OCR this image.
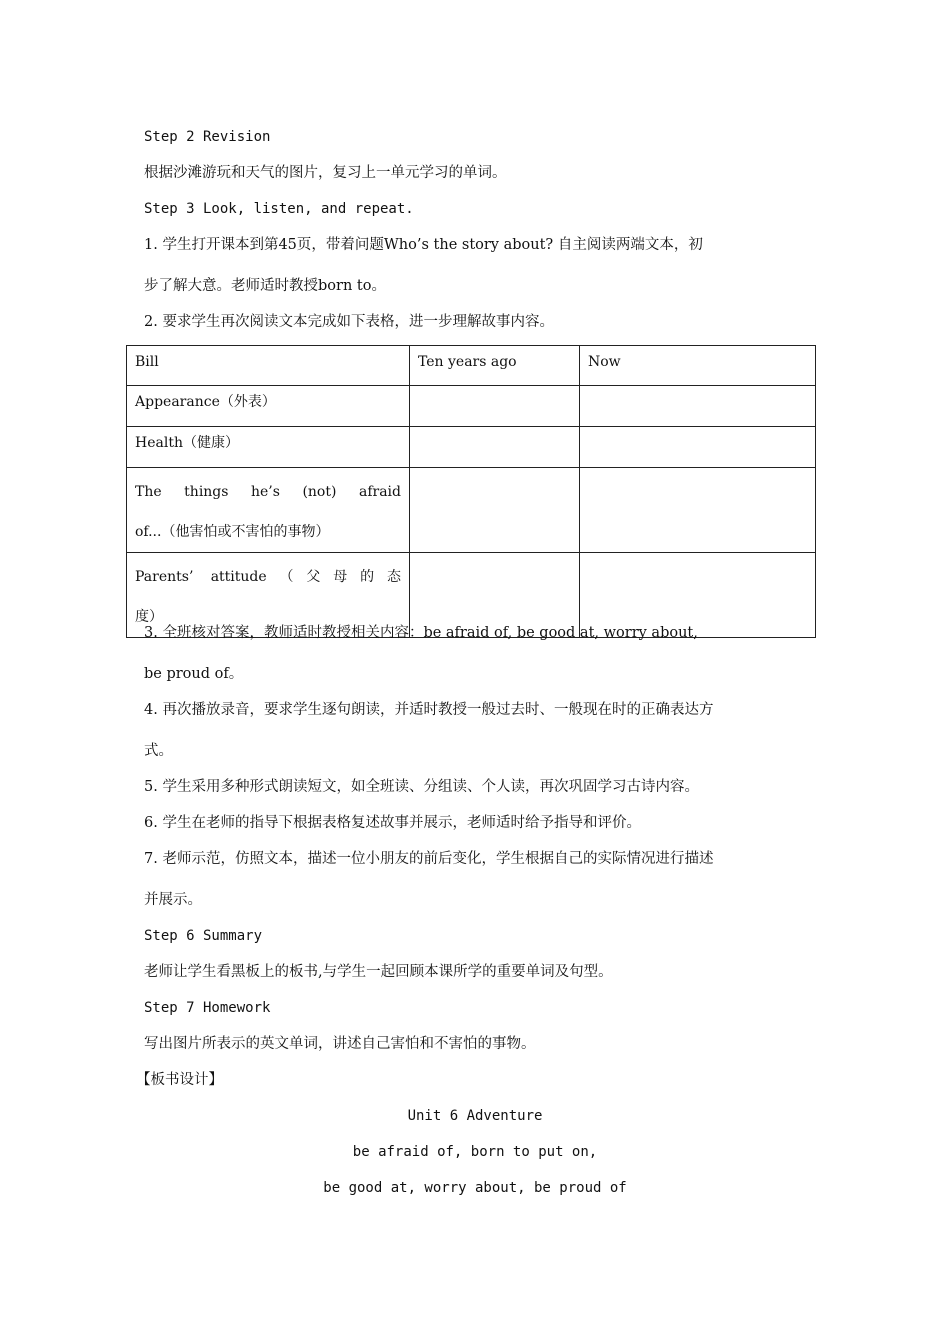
Step 2 Revision
根据沙滩游玩和天气的图片，复习上一单元学习的单词。
Step 3 Look, listen, and repeat.
1. 学生打开课本到第45页，带着问题Who’s the story about? 自主阅读两端文本，初
步了解大意。老师适时教授born to。
2. 要求学生再次阅读文本完成如下表格，进一步理解故事内容。
Bill	Ten years ago	Now
Appearance（外表）		
Health（健康）		

The things he’s (not) afraid
of...（他害怕或不害怕的事物）		

Parents’ attitude（父母的态
度）		

3. 全班核对答案，教师适时教授相关内容：be afraid of, be good at, worry about,
be proud of。
4. 再次播放录音，要求学生逐句朗读，并适时教授一般过去时、一般现在时的正确表达方
式。
5. 学生采用多种形式朗读短文，如全班读、分组读、个人读，再次巩固学习古诗内容。
6. 学生在老师的指导下根据表格复述故事并展示，老师适时给予指导和评价。
7. 老师示范，仿照文本，描述一位小朋友的前后变化，学生根据自己的实际情况进行描述
并展示。
Step 6 Summary
老师让学生看黑板上的板书,与学生一起回顾本课所学的重要单词及句型。
Step 7 Homework
写出图片所表示的英文单词，讲述自己害怕和不害怕的事物。
【板书设计】
Unit 6 Adventure
be afraid of, born to put on,
be good at, worry about, be proud of
